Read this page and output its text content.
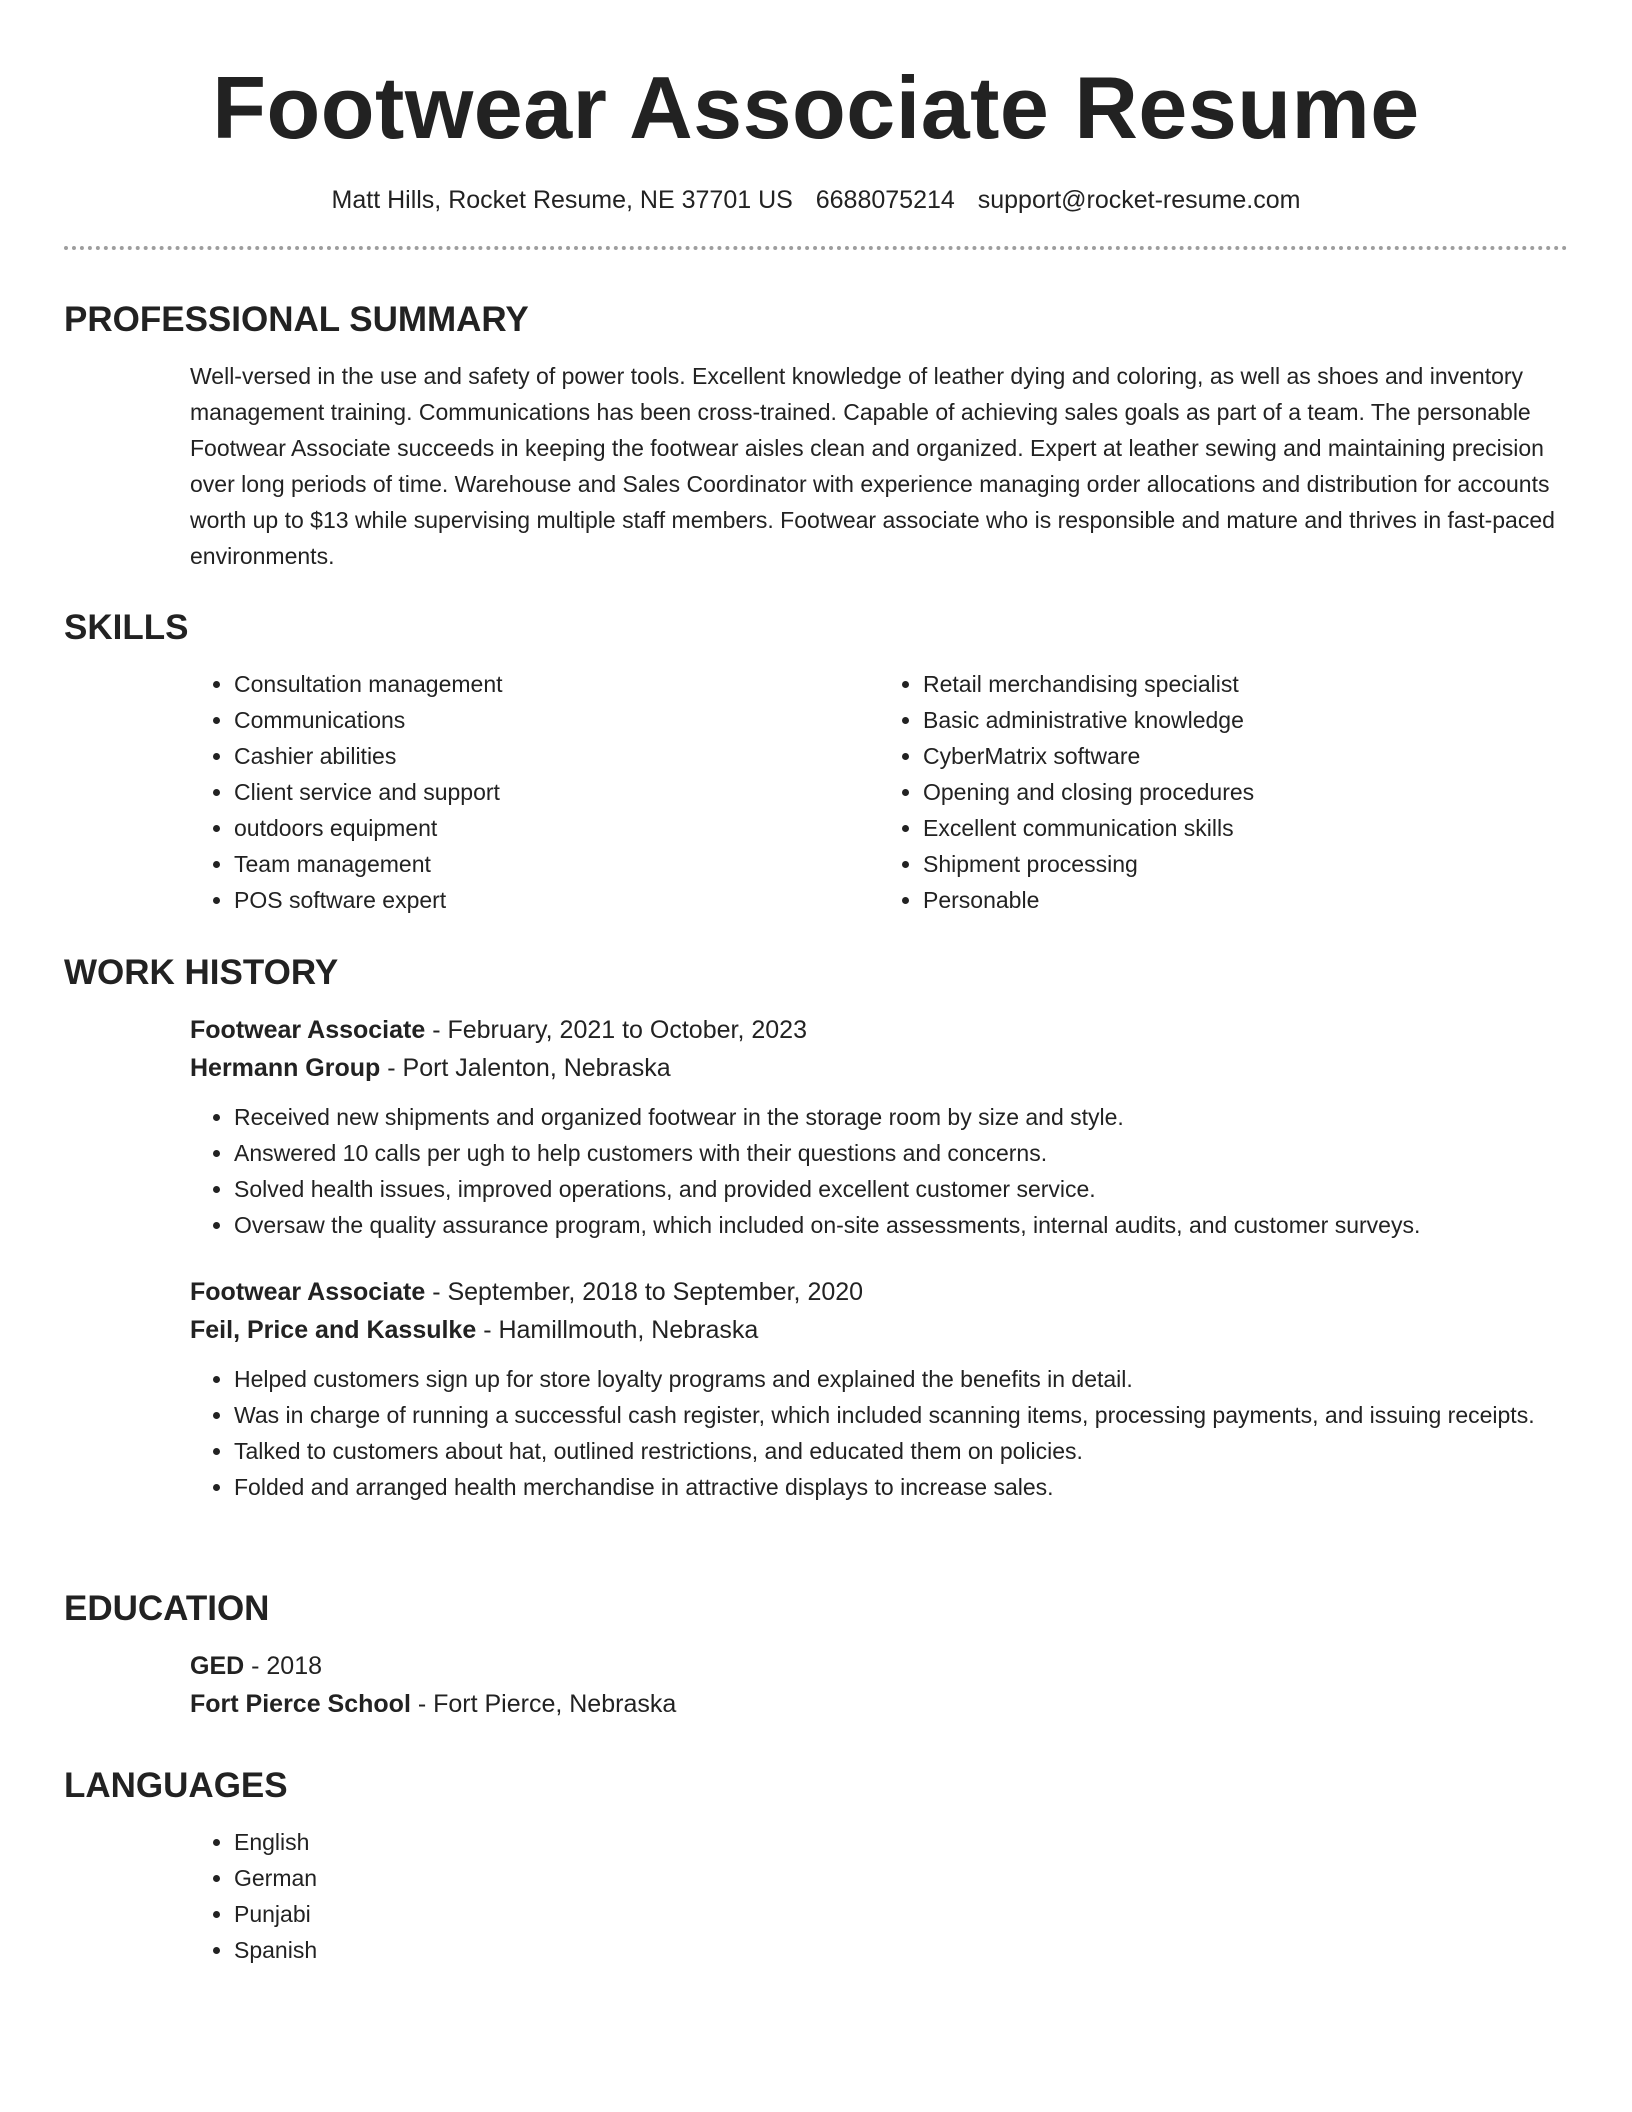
Footwear Associate Resume
Matt Hills, Rocket Resume, NE 37701 US 6688075214 support@rocket-resume.com
PROFESSIONAL SUMMARY
Well-versed in the use and safety of power tools. Excellent knowledge of leather dying and coloring, as well as shoes and inventory management training. Communications has been cross-trained. Capable of achieving sales goals as part of a team. The personable Footwear Associate succeeds in keeping the footwear aisles clean and organized. Expert at leather sewing and maintaining precision over long periods of time. Warehouse and Sales Coordinator with experience managing order allocations and distribution for accounts worth up to $13 while supervising multiple staff members. Footwear associate who is responsible and mature and thrives in fast-paced environments.
SKILLS
• Consultation management
• Communications
• Cashier abilities
• Client service and support
• outdoors equipment
• Team management
• POS software expert
• Retail merchandising specialist
• Basic administrative knowledge
• CyberMatrix software
• Opening and closing procedures
• Excellent communication skills
• Shipment processing
• Personable
WORK HISTORY
Footwear Associate - February, 2021 to October, 2023
Hermann Group - Port Jalenton, Nebraska
• Received new shipments and organized footwear in the storage room by size and style.
• Answered 10 calls per ugh to help customers with their questions and concerns.
• Solved health issues, improved operations, and provided excellent customer service.
• Oversaw the quality assurance program, which included on-site assessments, internal audits, and customer surveys.
Footwear Associate - September, 2018 to September, 2020
Feil, Price and Kassulke - Hamillmouth, Nebraska
• Helped customers sign up for store loyalty programs and explained the benefits in detail.
• Was in charge of running a successful cash register, which included scanning items, processing payments, and issuing receipts.
• Talked to customers about hat, outlined restrictions, and educated them on policies.
• Folded and arranged health merchandise in attractive displays to increase sales.
EDUCATION
GED - 2018
Fort Pierce School - Fort Pierce, Nebraska
LANGUAGES
• English
• German
• Punjabi
• Spanish
